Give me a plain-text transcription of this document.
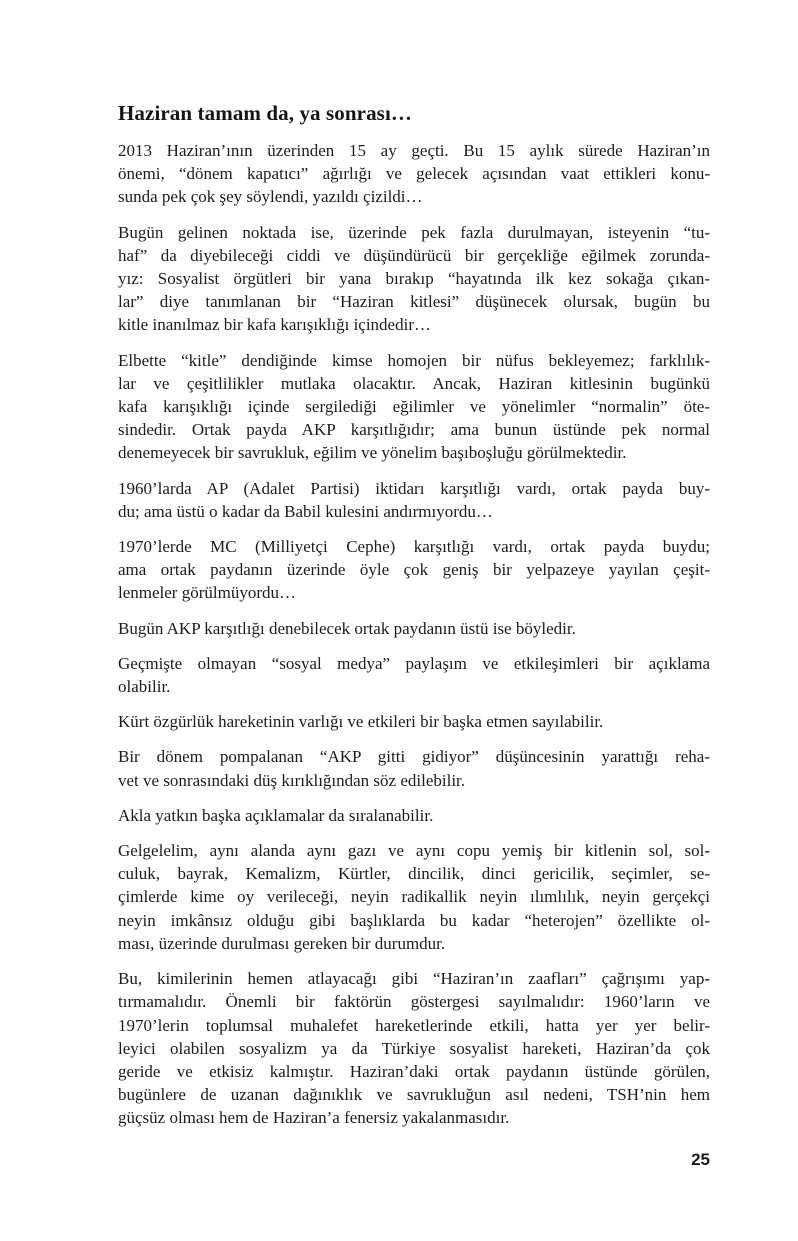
Haziran tamam da, ya sonrası…

2013 Haziran’ının üzerinden 15 ay geçti. Bu 15 aylık sürede Haziran’ın
önemi, “dönem kapatıcı” ağırlığı ve gelecek açısından vaat ettikleri konu-
sunda pek çok şey söylendi, yazıldı çizildi…

Bugün gelinen noktada ise, üzerinde pek fazla durulmayan, isteyenin “tu-
haf” da diyebileceği ciddi ve düşündürücü bir gerçekliğe eğilmek zorunda-
yız: Sosyalist örgütleri bir yana bırakıp “hayatında ilk kez sokağa çıkan-
lar” diye tanımlanan bir “Haziran kitlesi” düşünecek olursak, bugün bu
kitle inanılmaz bir kafa karışıklığı içindedir…

Elbette “kitle” dendiğinde kimse homojen bir nüfus bekleyemez; farklılık-
lar ve çeşitlilikler mutlaka olacaktır. Ancak, Haziran kitlesinin bugünkü
kafa karışıklığı içinde sergilediği eğilimler ve yönelimler “normalin” öte-
sindedir. Ortak payda AKP karşıtlığıdır; ama bunun üstünde pek normal
denemeyecek bir savrukluk, eğilim ve yönelim başıboşluğu görülmektedir.

1960’larda AP (Adalet Partisi) iktidarı karşıtlığı vardı, ortak payda buy-
du; ama üstü o kadar da Babil kulesini andırmıyordu…

1970’lerde MC (Milliyetçi Cephe) karşıtlığı vardı, ortak payda buydu;
ama ortak paydanın üzerinde öyle çok geniş bir yelpazeye yayılan çeşit-
lenmeler görülmüyordu…

Bugün AKP karşıtlığı denebilecek ortak paydanın üstü ise böyledir.

Geçmişte olmayan “sosyal medya” paylaşım ve etkileşimleri bir açıklama
olabilir.

Kürt özgürlük hareketinin varlığı ve etkileri bir başka etmen sayılabilir.

Bir dönem pompalanan “AKP gitti gidiyor” düşüncesinin yarattığı reha-
vet ve sonrasındaki düş kırıklığından söz edilebilir.

Akla yatkın başka açıklamalar da sıralanabilir.

Gelgelelim, aynı alanda aynı gazı ve aynı copu yemiş bir kitlenin sol, sol-
culuk, bayrak, Kemalizm, Kürtler, dincilik, dinci gericilik, seçimler, se-
çimlerde kime oy verileceği, neyin radikallik neyin ılımlılık, neyin gerçekçi
neyin imkânsız olduğu gibi başlıklarda bu kadar “heterojen” özellikte ol-
ması, üzerinde durulması gereken bir durumdur.

Bu, kimilerinin hemen atlayacağı gibi “Haziran’ın zaafları” çağrışımı yap-
tırmamalıdır. Önemli bir faktörün göstergesi sayılmalıdır: 1960’ların ve
1970’lerin toplumsal muhalefet hareketlerinde etkili, hatta yer yer belir-
leyici olabilen sosyalizm ya da Türkiye sosyalist hareketi, Haziran’da çok
geride ve etkisiz kalmıştır. Haziran’daki ortak paydanın üstünde görülen,
bugünlere de uzanan dağınıklık ve savrukluğun asıl nedeni, TSH’nin hem
güçsüz olması hem de Haziran’a fenersiz yakalanmasıdır.

25
